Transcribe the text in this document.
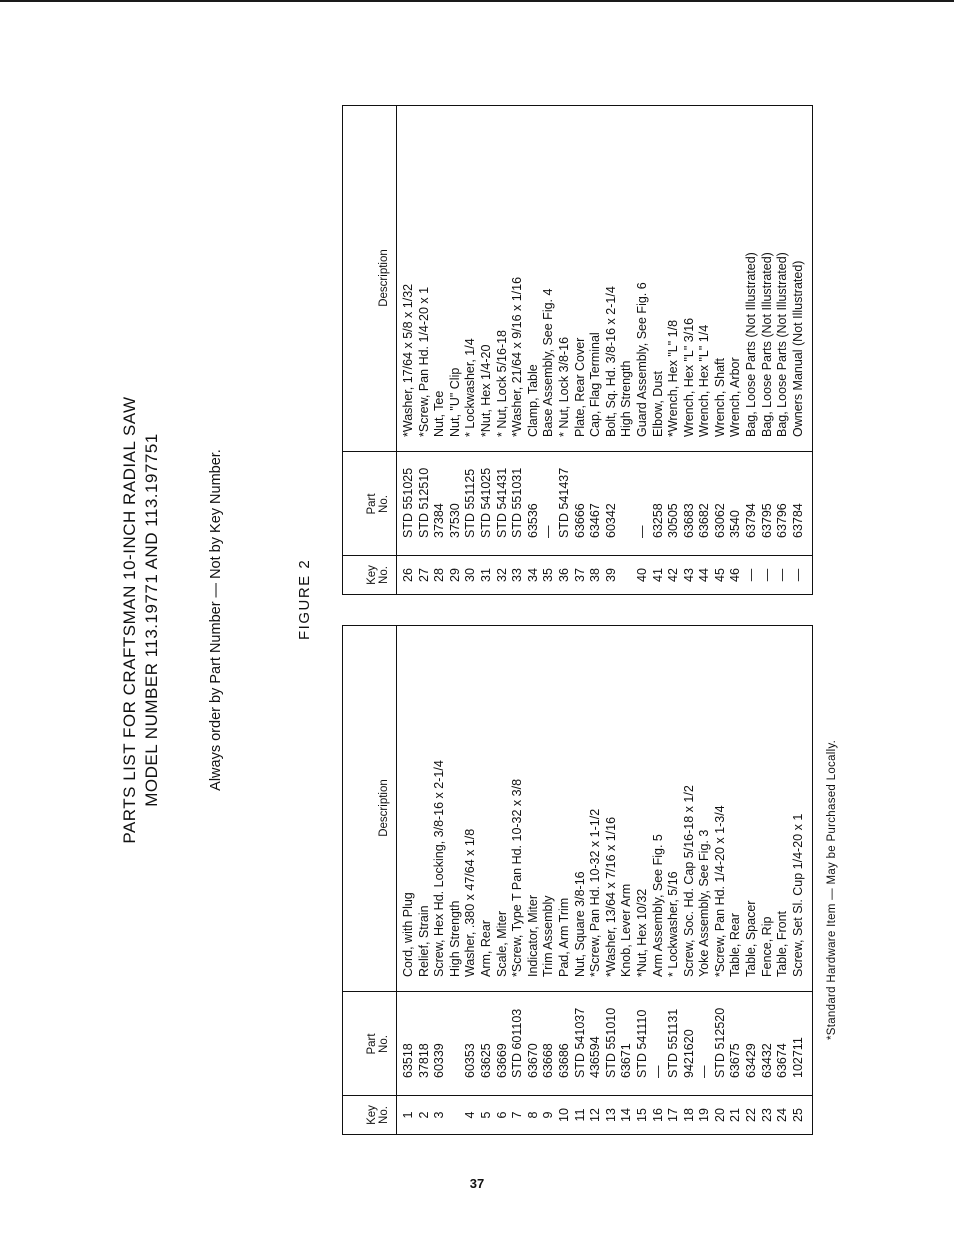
PARTS LIST FOR CRAFTSMAN 10-INCH RADIAL SAW MODEL NUMBER 113.19771 AND 113.197751	Always order by Part Number — Not by Key Number.	FIGURE 2
Key No.
Part No.
Description
1
63518
Cord, with Plug
2
37818
Relief, Strain
3
60339
Screw, Hex Hd. Locking, 3/8-16 x 2-1/4 High Strength
4
60353
Washer, .380 x 47/64 x 1/8
5
63625
Arm, Rear
6
63669
Scale, Miter
7
STD 601103
*Screw, Type T Pan Hd. 10-32 x 3/8
8
63670
Indicator, Miter
9
63668
Trim Assembly
10
63686
Pad, Arm Trim
11
STD 541037
Nut, Square 3/8-16
12
436594
*Screw, Pan Hd. 10-32 x 1-1/2
13
STD 551010
*Washer, 13/64 x 7/16 x 1/16
14
63671
Knob, Lever Arm
15
STD 541110
*Nut, Hex 10/32
16
—
Arm Assembly, See Fig. 5
17
STD 551131
* Lockwasher, 5/16
18
9421620
Screw, Soc. Hd. Cap 5/16-18 x 1/2
19
—
Yoke Assembly, See Fig. 3
20
STD 512520
*Screw, Pan Hd. 1/4-20 x 1-3/4
21
63675
Table, Rear
22
63429
Table, Spacer
23
63432
Fence, Rip
24
63674
Table, Front
25
102711
Screw, Set Sl. Cup 1/4-20 x 1
Key No.
Part No.
Description
26
STD 551025
*Washer, 17/64 x 5/8 x 1/32
27
STD 512510
*Screw, Pan Hd. 1/4-20 x 1
28
37384
Nut, Tee
29
37530
Nut, "U" Clip
30
STD 551125
* Lockwasher, 1/4
31
STD 541025
*Nut, Hex 1/4-20
32
STD 541431
* Nut, Lock 5/16-18
33
STD 551031
*Washer, 21/64 x 9/16 x 1/16
34
63536
Clamp, Table
35
—
Base Assembly, See Fig. 4
36
STD 541437
* Nut, Lock 3/8-16
37
63666
Plate, Rear Cover
38
63467
Cap, Flag Terminal
39
60342
Bolt, Sq. Hd. 3/8-16 x 2-1/4 High Strength
40
—
Guard Assembly, See Fig. 6
41
63258
Elbow, Dust
42
30505
*Wrench, Hex "L" 1/8
43
63683
Wrench, Hex "L" 3/16
44
63682
Wrench, Hex "L" 1/4
45
63062
Wrench, Shaft
46
3540
Wrench, Arbor
—
63794
Bag, Loose Parts (Not Illustrated)
—
63795
Bag, Loose Parts (Not Illustrated)
—
63796
Bag, Loose Parts (Not Illustrated)
—
63784
Owners Manual (Not Illustrated)
*Standard Hardware Item — May be Purchased Locally.
37
